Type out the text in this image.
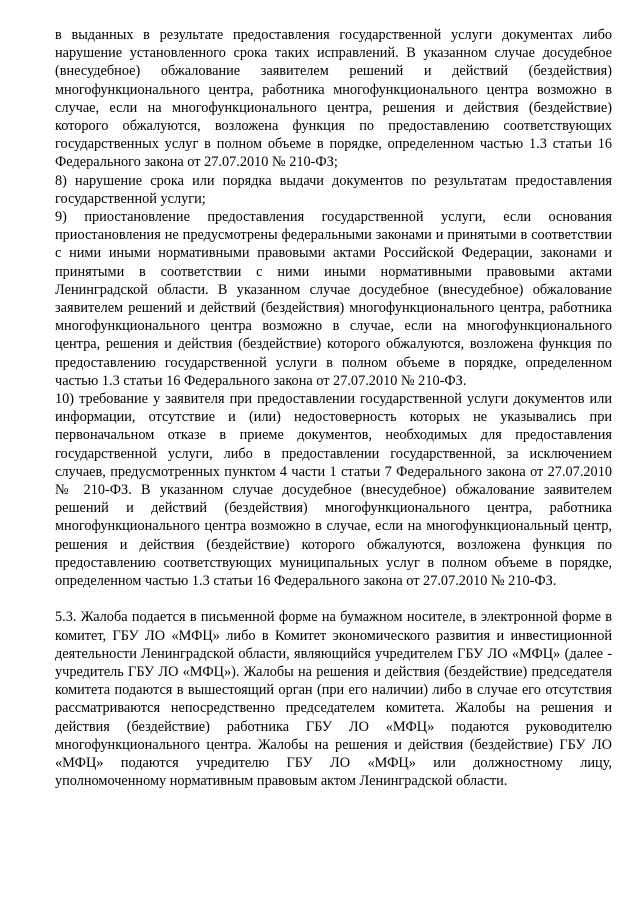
в выданных в результате предоставления государственной услуги документах либо нарушение установленного срока таких исправлений. В указанном случае досудебное (внесудебное) обжалование заявителем решений и действий (бездействия) многофункционального центра, работника многофункционального центра возможно в случае, если на многофункционального центра, решения и действия (бездействие) которого обжалуются, возложена функция по предоставлению соответствующих государственных услуг в полном объеме в порядке, определенном частью 1.3 статьи 16 Федерального закона от 27.07.2010 № 210-ФЗ;

8) нарушение срока или порядка выдачи документов по результатам предоставления государственной услуги;

9) приостановление предоставления государственной услуги, если основания приостановления не предусмотрены федеральными законами и принятыми в соответствии с ними иными нормативными правовыми актами Российской Федерации, законами и принятыми в соответствии с ними иными нормативными правовыми актами Ленинградской области. В указанном случае досудебное (внесудебное) обжалование заявителем решений и действий (бездействия) многофункционального центра, работника многофункционального центра возможно в случае, если на многофункционального центра, решения и действия (бездействие) которого обжалуются, возложена функция по предоставлению государственной услуги в полном объеме в порядке, определенном частью 1.3 статьи 16 Федерального закона от 27.07.2010 № 210-ФЗ.

10) требование у заявителя при предоставлении государственной услуги документов или информации, отсутствие и (или) недостоверность которых не указывались при первоначальном отказе в приеме документов, необходимых для предоставления государственной услуги, либо в предоставлении государственной, за исключением случаев, предусмотренных пунктом 4 части 1 статьи 7 Федерального закона от 27.07.2010 № 210-ФЗ. В указанном случае досудебное (внесудебное) обжалование заявителем решений и действий (бездействия) многофункционального центра, работника многофункционального центра возможно в случае, если на многофункциональный центр, решения и действия (бездействие) которого обжалуются, возложена функция по предоставлению соответствующих муниципальных услуг в полном объеме в порядке, определенном частью 1.3 статьи 16 Федерального закона от 27.07.2010 № 210-ФЗ.

5.3. Жалоба подается в письменной форме на бумажном носителе, в электронной форме в комитет, ГБУ ЛО «МФЦ» либо в Комитет экономического развития и инвестиционной деятельности Ленинградской области, являющийся учредителем ГБУ ЛО «МФЦ» (далее - учредитель ГБУ ЛО «МФЦ»). Жалобы на решения и действия (бездействие) председателя комитета подаются в вышестоящий орган (при его наличии) либо в случае его отсутствия рассматриваются непосредственно председателем комитета. Жалобы на решения и действия (бездействие) работника ГБУ ЛО «МФЦ» подаются руководителю многофункционального центра. Жалобы на решения и действия (бездействие) ГБУ ЛО «МФЦ» подаются учредителю ГБУ ЛО «МФЦ» или должностному лицу, уполномоченному нормативным правовым актом Ленинградской области.
